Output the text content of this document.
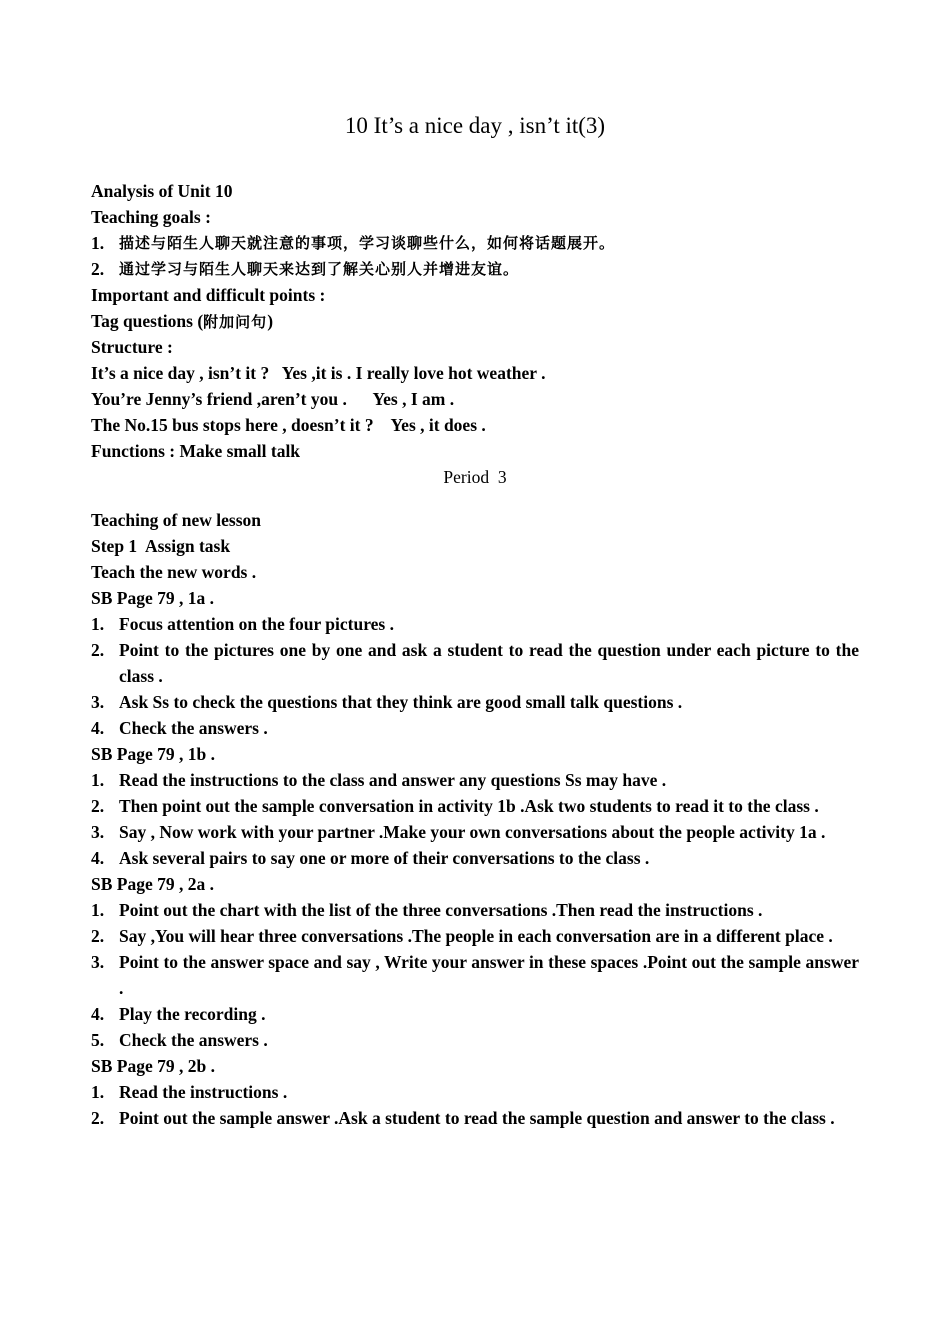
10 It’s a nice day , isn’t it(3)
Analysis of Unit 10
Teaching goals :
1. 描述与陌生人聊天就注意的事项，学习谈聊些什么，如何将话题展开。
2. 通过学习与陌生人聊天来达到了解关心别人并增进友谊。
Important and difficult points :
Tag questions (附加问句)
Structure :
It’s a nice day , isn’t it ?   Yes ,it is . I really love hot weather .
You’re Jenny’s friend ,aren’t you .      Yes , I am .
The No.15 bus stops here , doesn’t it ?    Yes , it does .
Functions : Make small talk
Period  3
Teaching of new lesson
Step 1  Assign task
Teach the new words .
SB Page 79 , 1a .
1. Focus attention on the four pictures .
2. Point to the pictures one by one and ask a student to read the question under each picture to the class .
3. Ask Ss to check the questions that they think are good small talk questions .
4. Check the answers .
SB Page 79 , 1b .
1. Read the instructions to the class and answer any questions Ss may have .
2. Then point out the sample conversation in activity 1b .Ask two students to read it to the class .
3. Say , Now work with your partner .Make your own conversations about the people activity 1a .
4. Ask several pairs to say one or more of their conversations to the class .
SB Page 79 , 2a .
1. Point out the chart with the list of the three conversations .Then read the instructions .
2. Say ,You will hear three conversations .The people in each conversation are in a different place .
3. Point to the answer space and say , Write your answer in these spaces .Point out the sample answer .
4. Play the recording .
5. Check the answers .
SB Page 79 , 2b .
1. Read the instructions .
2. Point out the sample answer .Ask a student to read the sample question and answer to the class .
